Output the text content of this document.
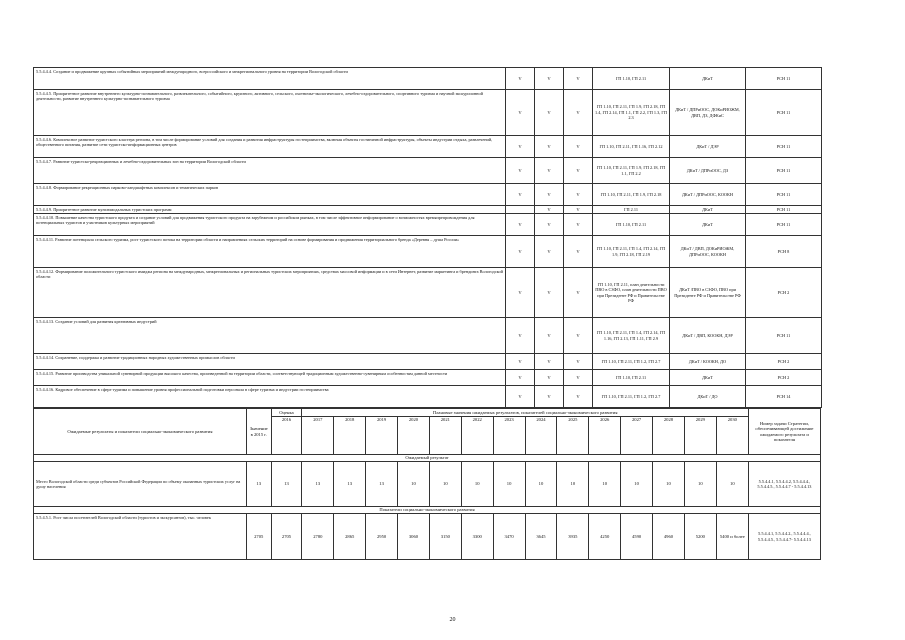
5.5.4.4.4. Создание и продвижение крупных событийных мероприятий международного, всероссийского и межрегионального уровня на территории Вологодской области	V	V	V	ГП 1.10, ГП 2.11	ДКиТ	РСН 11
5.5.4.4.5. Приоритетное развитие внутреннего культурно-познавательного, развлекательного, событийного, круизного, активного, сельского, охотничье-экологического, лечебно-оздоровительного, спортивного туризма и научной экскурсионной деятельности, развитие внутреннего культурно-познавательного туризма	V	V	V	ГП 1.10, ГП 2.11, ГП 1.9, ГП 2.18, ГП 1.4, ГП 2.14, ГП 1.1, ГП 2.2, ГП 1.3, ГП 2.3	ДКиТ / ДПРиООС, ДОКиРИОЖМ, ДВП, ДЗ, ДФКиС	РСН 11
5.5.4.4.6. Комплексное развитие туристского кластера региона, в том числе формирование условий для создания и развития инфраструктуры гостеприимства, включая объекты гостиничной инфраструктуры, объекты индустрии отдыха, развлечений, общественного питания, развитие сети туристско-информационных центров	V	V	V	ГП 1.10, ГП 2.11, ГП 1.16, ГП 2.12	ДКиТ / ДЭР	РСН 11
5.5.4.4.7. Развитие туристско-рекреационных и лечебно-оздоровительных зон на территории Вологодской области	V	V	V	ГП 1.10, ГП 2.11, ГП 1.9, ГП 2.18, ГП 1.1, ГП 2.2	ДКиТ / ДПРиООС, ДЗ	РСН 11
5.5.4.4.8. Формирование рекреационных парково-ландшафтных комплексов и тематических парков	V	V	V	ГП 1.10, ГП 2.11, ГП 1.9, ГП 2.18	ДКиТ / ДПРиООС, КООКН	РСН 11
5.5.4.4.9. Приоритетное развитие мультимодальных туристских программ		V	V	ГП 2.11	ДКиТ	РСН 11
5.5.4.4.10. Повышение качества туристского продукта и создание условий для продвижения туристского продукта на зарубежном и российском рынках, в том числе эффективное информирование о возможностях времяпрепровождения для потенциальных туристов и участников культурных мероприятий	V	V	V	ГП 1.10, ГП 2.11	ДКиТ	РСН 11
5.5.4.4.11. Развитие потенциала сельского туризма, рост туристского потока на территории области и направлениях сельских территорий на основе формирования и продвижения территориального бренда «Деревня – душа России»	V	V	V	ГП 1.10, ГП 2.11, ГП 1.4, ГП 2.14, ГП 1.9, ГП 2.18, ГП 2.19	ДКиТ / ДВП, ДОКиРИОЖМ, ДПРиООС, КООКН	РСН 8
5.5.4.4.12. Формирование положительного туристского имиджа региона на международных, межрегиональных и региональных туристских мероприятиях, средствах массовой информации и в сети Интернет, развитие маркетинга и брендинга Вологодской области	V	V	V	ГП 1.10, ГП 2.11, план деятельности ПВО в СЗФО, план деятельности ПВО при Президенте РФ и Правительстве РФ	ДКиТ /ПВО в СЗФО, ПВО при Президенте РФ и Правительстве РФ	РСН 2
5.5.4.4.13. Создание условий для развития креативных индустрий	V	V	V	ГП 1.10, ГП 2.11, ГП 1.4, ГП 2.14, ГП 1.16, ГП 2.13, ГП 1.11, ГП 2.9	ДКиТ / ДВП, КООКН, ДЭР	РСН 11
5.5.4.4.14. Сохранение, поддержка и развитие традиционных народных художественных промыслов области	V	V	V	ГП 1.10, ГП 2.11, ГП 1.2, ГП 2.7	ДКиТ / КООКН, ДО	РСН 2
5.5.4.4.15. Развитие производства уникальной сувенирной продукции высокого качества, произведенной на территории области, соответствующей традиционным художественно-сувенирным особенностям данной местности	V	V	V	ГП 1.10, ГП 2.11	ДКиТ	РСН 2
5.5.4.4.16. Кадровое обеспечение в сфере туризма и повышение уровня профессиональной подготовки персонала в сфере туризма и индустрии гостеприимства	V	V	V	ГП 1.10, ГП 2.11, ГП 1.2, ГП 2.7	ДКиТ / ДО	РСН 14
Ожидаемые результаты и показатели социально-экономического развития	Значение в 2015 г.	Оценка	Плановые значения ожидаемых результатов, показателей социально-экономического развития														Номер задачи Стратегии, обеспечивающей достижение ожидаемого результата и показателя
		2016	2017	2018	2019	2020	2021	2022	2023	2024	2025	2026	2027	2028	2029	2030	
Ожидаемый результат																	
Место Вологодской области среди субъектов Российской Федерации по объему оказанных туристских услуг на душу населения	13	13	13	13	13	10	10	10	10	10	10	10	10	10	10	10	5.5.4.4.1, 5.5.4.4.2, 5.5.4.4.4., 5.5.4.4.5., 5.5.4.4.7 - 5.5.4.4.13
Показатели социально-экономического развития																	
5.5.4.5.1. Рост числа посетителей Вологодской области (туристов и экскурсантов), тыс. человек	2705	2705	2780	2865	2950	3060	3150	3300	3470	3645	3935	4250	4590	4960	5200	5400 и более	5.5.4.4.1, 5.5.4.4.2., 5.5.4.4.4., 5.5.4.4.5., 5.5.4.4.7- 5.5.4.4.13
20
